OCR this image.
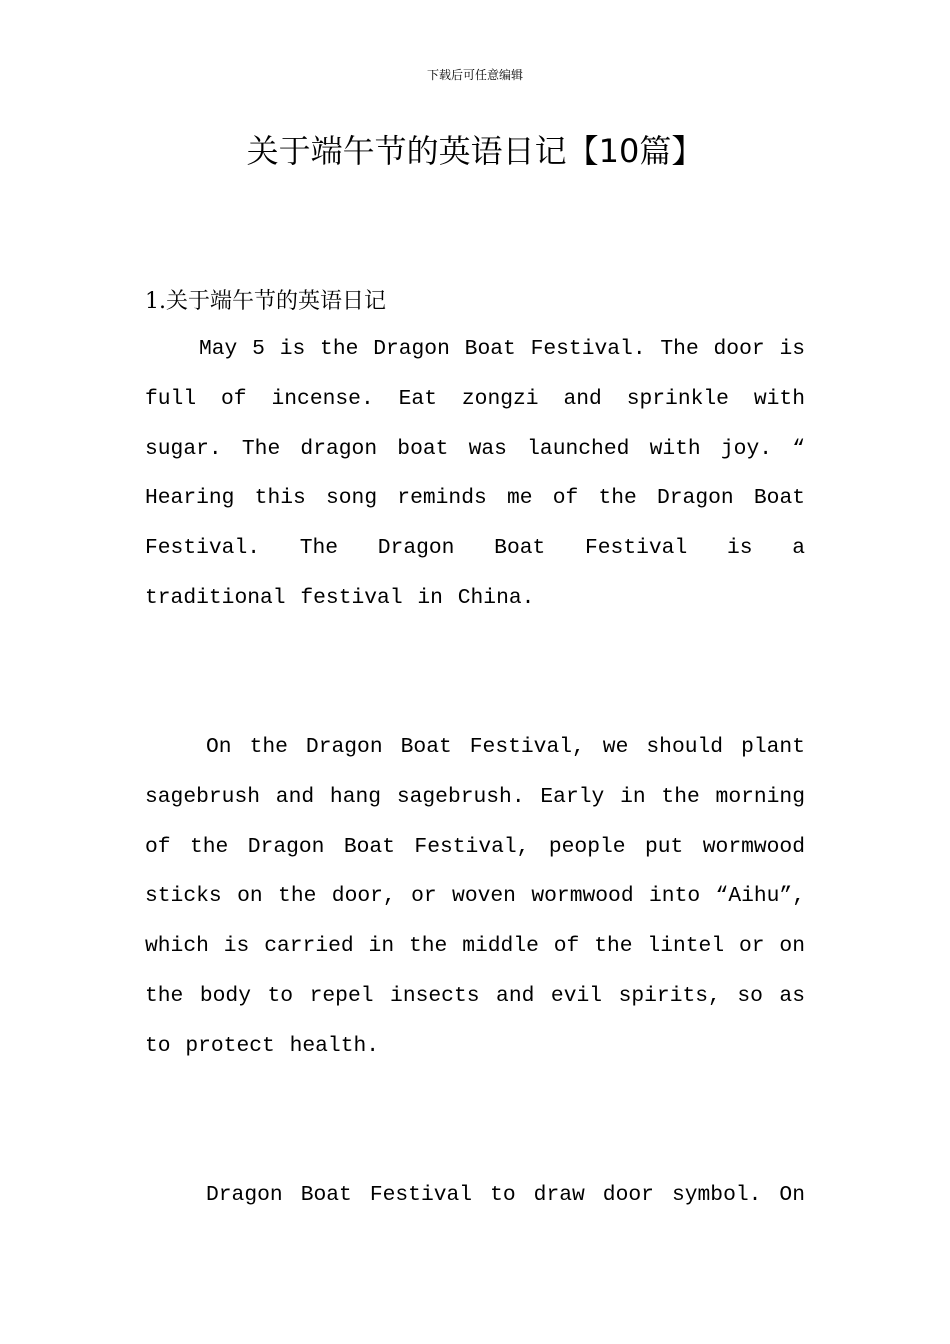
下载后可任意编辑
关于端午节的英语日记【10篇】
1.关于端午节的英语日记

May 5 is the Dragon Boat Festival. The door is full of incense. Eat zongzi and sprinkle with sugar. The dragon boat was launched with joy. “ Hearing this song reminds me of the Dragon Boat Festival. The Dragon Boat Festival is a traditional festival in China.

On the Dragon Boat Festival, we should plant sagebrush and hang sagebrush. Early in the morning of the Dragon Boat Festival, people put wormwood sticks on the door, or woven wormwood into “Aihu”, which is carried in the middle of the lintel or on the body to repel insects and evil spirits, so as to protect health.

Dragon Boat Festival to draw door symbol. On
